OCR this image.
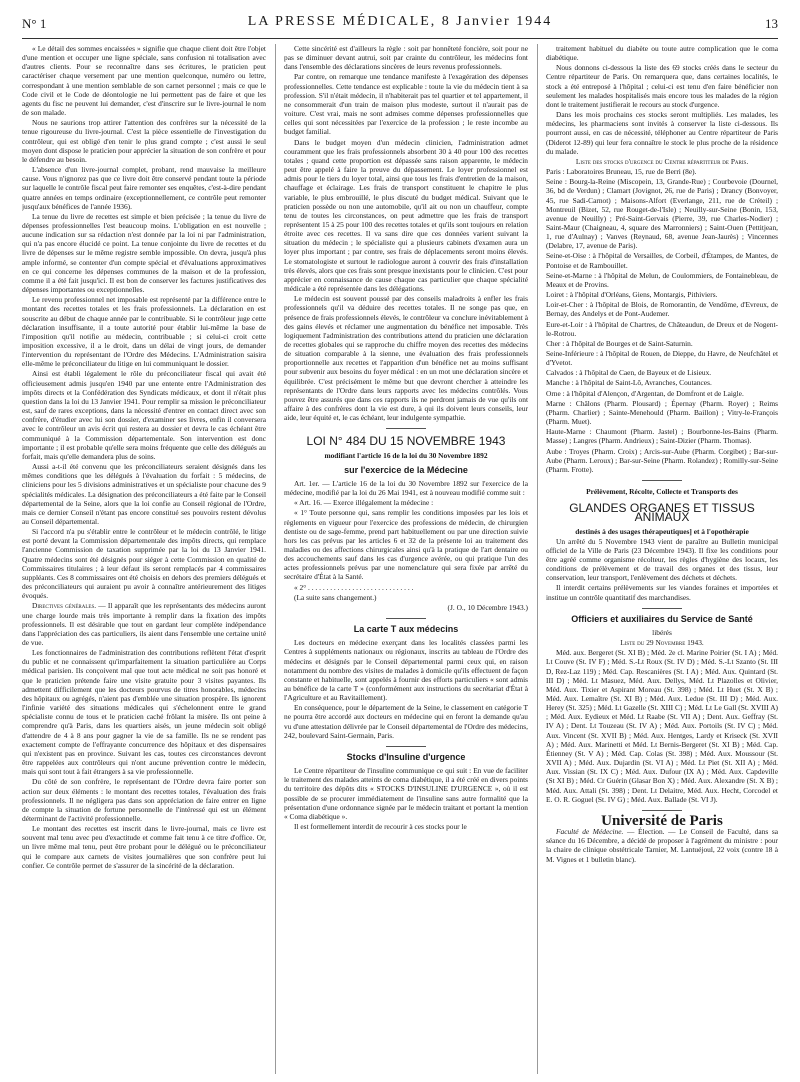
N° 1	LA PRESSE MÉDICALE, 8 Janvier 1944	13

« Le détail des sommes encaissées » signifie que chaque client doit être l'objet d'une mention et occuper une ligne spéciale, sans confusion ni totalisation avec d'autres clients. Pour se reconnaître dans ses écritures, le praticien peut caractériser chaque versement par une mention quelconque, numéro ou lettre, correspondant à une mention semblable de son carnet personnel ; mais ce que le Code civil et le Code de déontologie ne lui permettent pas de faire et que les agents du fisc ne peuvent lui demander, c'est d'inscrire sur le livre-journal le nom de son malade.

Nous ne saurions trop attirer l'attention des confrères sur la nécessité de la tenue rigoureuse du livre-journal. C'est la pièce essentielle de l'investigation du contrôleur, qui est obligé d'en tenir le plus grand compte ; c'est aussi le seul moyen dont dispose le praticien pour apprécier la situation de son confrère et pour le défendre au besoin.

L'absence d'un livre-journal complet, probant, rend mauvaise la meilleure cause. Vous n'ignorez pas que ce livre doit être conservé pendant toute la période sur laquelle le contrôle fiscal peut faire remonter ses enquêtes, c'est-à-dire pendant quatre années en temps ordinaire (exceptionnellement, ce contrôle peut remonter jusqu'aux bénéfices de l'année 1936).

La tenue du livre de recettes est simple et bien précisée ; la tenue du livre de dépenses professionnelles l'est beaucoup moins. L'obligation en est nouvelle ; aucune indication sur sa rédaction n'est donnée par la loi ni par l'administration, qui n'a pas encore élucidé ce point. La tenue conjointe du livre de recettes et du livre de dépenses sur le même registre semble impossible. On devra, jusqu'à plus ample informé, se contenter d'un compte spécial et d'évaluations approximatives en ce qui concerne les dépenses communes de la maison et de la profession, comme il a été fait jusqu'ici. Il est bon de conserver les factures justificatives des dépenses importantes ou exceptionnelles.

Le revenu professionnel net imposable est représenté par la différence entre le montant des recettes totales et les frais professionnels. La déclaration en est souscrite au début de chaque année par le contribuable. Si le contrôleur juge cette déclaration insuffisante, il a toute autorité pour établir lui-même la base de l'imposition qu'il notifie au médecin, contribuable ; si celui-ci croit cette imposition excessive, il a le droit, dans un délai de vingt jours, de demander l'intervention du représentant de l'Ordre des Médecins. L'Administration saisira elle-même le préconciliateur du litige en lui communiquant le dossier.

Ainsi est établi légalement le rôle du préconciliateur fiscal qui avait été officieusement admis jusqu'en 1940 par une entente entre l'Administration des impôts directs et la Confédération des Syndicats médicaux, et dont il n'était plus question dans la loi du 13 Janvier 1941. Pour remplir sa mission le préconciliateur est, sauf de rares exceptions, dans la nécessité d'entrer en contact direct avec son confrère, d'étudier avec lui son dossier, d'examiner ses livres, enfin il conversera avec le contrôleur un avis écrit qui restera au dossier et devra le cas échéant être communiqué à la Commission départementale. Son intervention est donc importante ; il est probable qu'elle sera moins fréquente que celle des délégués au forfait, mais qu'elle demandera plus de soins.

Aussi a-t-il été convenu que les préconciliateurs seraient désignés dans les mêmes conditions que les délégués à l'évaluation du forfait : 5 médecins, de cliniciens pour les 5 divisions administratives et un spécialiste pour chacune des 9 spécialités médicales. La désignation des préconciliateurs a été faite par le Conseil départemental de la Seine, alors que la loi confie au Conseil régional de l'Ordre, mais ce dernier Conseil n'étant pas encore constitué ses pouvoirs restent dévolus au Conseil départemental.

Si l'accord n'a pu s'établir entre le contrôleur et le médecin contrôlé, le litige est porté devant la Commission départementale des impôts directs, qui remplace l'ancienne Commission de taxation supprimée par la loi du 13 Janvier 1941. Quatre médecins sont été désignés pour siéger à cette Commission en qualité de Commissaires titulaires ; à leur défaut ils seront remplacés par 4 commissaires suppléants. Ces 8 commissaires ont été choisis en dehors des premiers délégués et des préconciliateurs qui auraient pu avoir à connaître antérieurement des litiges évoqués.

Directives générales. — Il apparaît que les représentants des médecins auront une charge lourde mais très importante à remplir dans la fixation des impôts professionnels. Il est désirable que tout en gardant leur complète indépendance dans l'appréciation des cas particuliers, ils aient dans l'ensemble une certaine unité de vue.

Les fonctionnaires de l'administration des contributions reflètent l'état d'esprit du public et ne connaissent qu'imparfaitement la situation particulière au Corps médical parisien. Ils conçoivent mal que tout acte médical ne soit pas honoré et que le praticien prétende faire une visite gratuite pour 3 visites payantes. Ils admettent difficilement que les docteurs pourvus de titres honorables, médecins des hôpitaux ou agrégés, n'aient pas d'emblée une situation prospère. Ils ignorent l'infinie variété des situations médicales qui s'échelonnent entre le grand spécialiste connu de tous et le praticien caché frôlant la misère. Ils ont peine à comprendre qu'à Paris, dans les quartiers aisés, un jeune médecin soit obligé d'attendre de 4 à 8 ans pour gagner la vie de sa famille. Ils ne se rendent pas exactement compte de l'effrayante concurrence des hôpitaux et des dispensaires qui n'existent pas en province. Suivant les cas, toutes ces circonstances devront être rappelées aux contrôleurs qui n'ont aucune prévention contre le médecin, mais qui sont tout à fait étrangers à sa vie professionnelle.

Du côté de son confrère, le représentant de l'Ordre devra faire porter son action sur deux éléments : le montant des recettes totales, l'évaluation des frais professionnels. Il ne négligera pas dans son appréciation de faire entrer en ligne de compte la situation de fortune personnelle de l'intéressé qui est un élément déterminant de l'activité professionnelle.

Le montant des recettes est inscrit dans le livre-journal, mais ce livre est souvent mal tenu avec peu d'exactitude et comme fait tenu à ce titre d'office. Or, un livre même mal tenu, peut être probant pour le délégué ou le préconciliateur qui le compare aux carnets de visites journalières que son confrère peut lui confier. Ce contrôle permet de s'assurer de la sincérité de la déclaration.

Cette sincérité est d'ailleurs la règle : soit par honnêteté foncière, soit pour ne pas se diminuer devant autrui, soit par crainte du contrôleur, les médecins font dans l'ensemble des déclarations sincères de leurs revenus professionnels.

Par contre, on remarque une tendance manifeste à l'exagération des dépenses professionnelles. Cette tendance est explicable : toute la vie du médecin tient à sa profession. S'il n'était médecin, il n'habiterait pas tel quartier et tel appartement, il ne consommerait d'un train de maison plus modeste, surtout il n'aurait pas de voiture. C'est vrai, mais ne sont admises comme dépenses professionnelles que celles qui sont nécessitées par l'exercice de la profession ; le reste incombe au budget familial.

Dans le budget moyen d'un médecin clinicien, l'administration admet couramment que les frais professionnels absorbent 30 à 40 pour 100 des recettes totales ; quand cette proportion est dépassée sans raison apparente, le médecin peut être appelé à faire la preuve du dépassement. Le loyer professionnel est admis pour le tiers du loyer total, ainsi que tous les frais d'entretien de la maison, chauffage et éclairage. Les frais de transport constituent le chapitre le plus variable, le plus embrouillé, le plus discuté du budget médical. Suivant que le praticien possède ou non une automobile, qu'il ait ou non un chauffeur, compte tenu de toutes les circonstances, on peut admettre que les frais de transport représentent 15 à 25 pour 100 des recettes totales et qu'ils sont toujours en relation étroite avec ces recettes. Il va sans dire que ces données varient suivant la situation du médecin ; le spécialiste qui a plusieurs cabinets d'examen aura un loyer plus important ; par contre, ses frais de déplacements seront moins élevés. Le stomatologiste et surtout le radiologue auront à couvrir des frais d'installation très élevés, alors que ces frais sont presque inexistants pour le clinicien. C'est pour apprécier en connaissance de cause chaque cas particulier que chaque spécialité médicale a été représentée dans les délégations.

Le médecin est souvent poussé par des conseils maladroits à enfler les frais professionnels qu'il va déduire des recettes totales. Il ne songe pas que, en présence de frais professionnels élevés, le contrôleur va conclure inévitablement à des gains élevés et réclamer une augmentation du bénéfice net imposable. Très logiquement l'administration des contributions attend du praticien une déclaration de recettes globales qui se rapproche du chiffre moyen des recettes des médecins de situation comparable à la sienne, une évaluation des frais professionnels proportionnelle aux recettes et l'apparition d'un bénéfice net au moins suffisant pour subvenir aux besoins du foyer médical : en un mot une déclaration sincère et équilibrée. C'est précisément le même but que devront chercher à atteindre les représentants de l'Ordre dans leurs rapports avec les médecins contrôlés. Vous pouvez être assurés que dans ces rapports ils ne perdront jamais de vue qu'ils ont affaire à des confrères dont la vie est dure, à qui ils doivent leurs conseils, leur aide, leur équité et, le cas échéant, leur indulgente sympathie.

LOI N° 484 DU 15 NOVEMBRE 1943

modifiant l'article 16 de la loi du 30 Novembre 1892

sur l'exercice de la Médecine

Art. 1er. — L'article 16 de la loi du 30 Novembre 1892 sur l'exercice de la médecine, modifié par la loi du 26 Mai 1941, est à nouveau modifié comme suit :

« Art. 16. — Exerce illégalement la médecine :

« 1° Toute personne qui, sans remplir les conditions imposées par les lois et règlements en vigueur pour l'exercice des professions de médecin, de chirurgien dentiste ou de sage-femme, prend part habituellement ou par une direction suivie hors les cas prévus par les articles 6 et 32 de la présente loi au traitement des maladies ou des affections chirurgicales ainsi qu'à la pratique de l'art dentaire ou des accouchements sauf dans les cas d'urgence avérée, ou qui pratique l'un des actes professionnels prévus par une nomenclature qui sera fixée par arrêté du secrétaire d'État à la Santé.

« 2° . . . . . . . . . . . . . . . . . . . . . . . . . . . . .

(La suite sans changement.)

(J. O., 10 Décembre 1943.)

La carte T aux médecins

Les docteurs en médecine exerçant dans les localités classées parmi les Centres à suppléments nationaux ou régionaux, inscrits au tableau de l'Ordre des médecins et désignés par le Conseil départemental parmi ceux qui, en raison notamment du nombre des visites de malades à domicile qu'ils effectuent de façon constante et habituelle, sont appelés à fournir des efforts particuliers « sont admis au bénéfice de la carte T » (conformément aux instructions du secrétariat d'État à l'Agriculture et au Ravitaillement).

En conséquence, pour le département de la Seine, le classement en catégorie T ne pourra être accordé aux docteurs en médecine qui en feront la demande qu'au vu d'une attestation délivrée par le Conseil départemental de l'Ordre des médecins, 242, boulevard Saint-Germain, Paris.

Stocks d'Insuline d'urgence

Le Centre répartiteur de l'insuline communique ce qui suit : En vue de faciliter le traitement des malades atteints de coma diabétique, il a été créé en divers points du territoire des dépôts dits « STOCKS D'INSULINE D'URGENCE », où il est possible de se procurer immédiatement de l'insuline sans autre formalité que la présentation d'une ordonnance signée par le médecin traitant et portant la mention « Coma diabétique ».

Il est formellement interdit de recourir à ces stocks pour le

traitement habituel du diabète ou toute autre complication que le coma diabétique.

Nous donnons ci-dessous la liste des 69 stocks créés dans le secteur du Centre répartiteur de Paris. On remarquera que, dans certaines localités, le stock a été entreposé à l'hôpital ; celui-ci est tenu d'en faire bénéficier non seulement les malades hospitalisés mais encore tous les malades de la région dont le traitement justifierait le recours au stock d'urgence.

Dans les mois prochains ces stocks seront multipliés. Les malades, les médecins, les pharmaciens sont invités à conserver la liste ci-dessous. Ils pourront aussi, en cas de nécessité, téléphoner au Centre répartiteur de Paris (Diderot 12-89) qui leur fera connaître le stock le plus proche de la résidence du malade.

Liste des stocks d'urgence du Centre répartiteur de Paris.

Paris : Laboratoires Bruneau, 15, rue de Berri (8e).

Seine : Bourg-la-Reine (Miscopein, 13, Grande-Rue) ; Courbevoie (Dournel, 36, bd de Verdun) ; Clamart (Jovignot, 26, rue de Paris) ; Drancy (Bonvoyer, 45, rue Sadi-Carnot) ; Maisons-Alfort (Everlange, 211, rue de Créteil) ; Montreuil (Bizet, 52, rue Rouget-de-l'Isle) ; Neuilly-sur-Seine (Bonin, 153, avenue de Neuilly) ; Pré-Saint-Gervais (Pierre, 39, rue Charles-Nodier) ; Saint-Maur (Chaigneau, 4, square des Marronniers) ; Saint-Ouen (Pettitjean, 1, rue d'Aulnay) ; Vanves (Reynaud, 68, avenue Jean-Jaurès) ; Vincennes (Delabre, 17, avenue de Paris).

Seine-et-Oise : à l'hôpital de Versailles, de Corbeil, d'Étampes, de Mantes, de Pontoise et de Rambouillet.

Seine-et-Marne : à l'hôpital de Melun, de Coulommiers, de Fontainebleau, de Meaux et de Provins.

Loiret : à l'hôpital d'Orléans, Giens, Montargis, Pithiviers.

Loir-et-Cher : à l'hôpital de Blois, de Romorantin, de Vendôme, d'Evreux, de Bernay, des Andelys et de Pont-Audemer.

Eure-et-Loir : à l'hôpital de Chartres, de Châteaudun, de Dreux et de Nogent-le-Rotrou.

Cher : à l'hôpital de Bourges et de Saint-Saturnin.

Seine-Inférieure : à l'hôpital de Rouen, de Dieppe, du Havre, de Neufchâtel et d'Yvetot.

Calvados : à l'hôpital de Caen, de Bayeux et de Lisieux.

Manche : à l'hôpital de Saint-Lô, Avranches, Coutances.

Orne : à l'hôpital d'Alençon, d'Argentan, de Domfront et de Laigle.

Marne : Châlons (Pharm. Plousard) ; Épernay (Pharm. Royer) ; Reims (Pharm. Charlier) ; Sainte-Menehould (Pharm. Baillon) ; Vitry-le-François (Pharm. Muet).

Haute-Marne : Chaumont (Pharm. Jastel) ; Bourbonne-les-Bains (Pharm. Masse) ; Langres (Pharm. Andrieux) ; Saint-Dizier (Pharm. Thomas).

Aube : Troyes (Pharm. Croix) ; Arcis-sur-Aube (Pharm. Corgibet) ; Bar-sur-Aube (Pharm. Leroux) ; Bar-sur-Seine (Pharm. Rolandez) ; Romilly-sur-Seine (Pharm. Frotte).

Prélèvement, Récolte, Collecte et Transports des

GLANDES ORGANES ET TISSUS ANIMAUX

destinés à des usages thérapeutiques] et à l'opothérapie

Un arrêté du 5 Novembre 1943 vient de paraître au Bulletin municipal officiel de la Ville de Paris (23 Décembre 1943). Il fixe les conditions pour être agréé comme organisme récolteur, les règles d'hygiène des locaux, les conditions de prélèvement et de travail des organes et des tissus, leur conservation, leur transport, l'enlèvement des déchets et déchets.

Il interdit certains prélèvements sur les viandes foraines et importées et institue un contrôle quantitatif des marchandises.

Officiers et auxiliaires du Service de Santé

libérés

Liste du 29 Novembre 1943.

Méd. aux. Bergeret (St. XI B) ; Méd. 2e cl. Marine Poirier (St. I A) ; Méd. Lt Couve (St. IV F) ; Méd. S.-Lt Roux (St. IV D) ; Méd. S.-Lt Szanto (St. III D, Rez-Laz 119) ; Méd. Cap. Rescanières (St. I A) ; Méd. Aux. Quintard (St. III D) ; Méd. Lt Masuez, Méd. Aux. Dellys, Méd. Lt Plazolles et Olivier, Méd. Aux. Tixier et Aspirant Moreau (St. 398) ; Méd. Lt Huet (St. X B) ; Méd. Aux. Lemaître (St. XI B) ; Méd. Aux. Ledue (St. III D) ; Méd. Aux. Herey (St. 325) ; Méd. Lt Gazelle (St. XIII C) ; Méd. Lt Le Gall (St. XVIII A) ; Méd. Aux. Eydieux et Méd. Lt Raabe (St. VII A) ; Dent. Aux. Geffray (St. IV A) ; Dent. Lt Touzeau (St. IV A) ; Méd. Aux. Portoils (St. IV C) ; Méd. Aux. Vincent (St. XVII B) ; Méd. Aux. Hentges, Lardy et Kriseck (St. XVII A) ; Méd. Aux. Marinetti et Méd. Lt Bernis-Bergeret (St. XI B) ; Méd. Cap. Étienney (St. V A) ; Méd. Cap. Colas (St. 398) ; Méd. Aux. Moussour (St. XVII A) ; Méd. Aux. Dujardin (St. VI A) ; Méd. Lt Piet (St. XII A) ; Méd. Aux. Vissian (St. IX C) ; Méd. Aux. Dufour (IX A) ; Méd. Aux. Capdeville (St XI B) ; Méd. Cr Guérin (Glasar Bon X) ; Méd. Aux. Alexandre (St. X B) ; Méd. Aux. Attali (St. 398) ; Dent. Lt Delaitre, Méd. Aux. Hecht, Corcodel et E. O. R. Goguel (St. IV G) ; Méd. Aux. Ballade (St. VI J).

Université de Paris

Faculté de Médecine. — Élection. — Le Conseil de Faculté, dans sa séance du 16 Décembre, a décidé de proposer à l'agrément du ministre : pour la chaire de clinique obstétricale Tarnier, M. Lantuéjoul, 22 voix (contre 18 à M. Vignes et 1 bulletin blanc).
